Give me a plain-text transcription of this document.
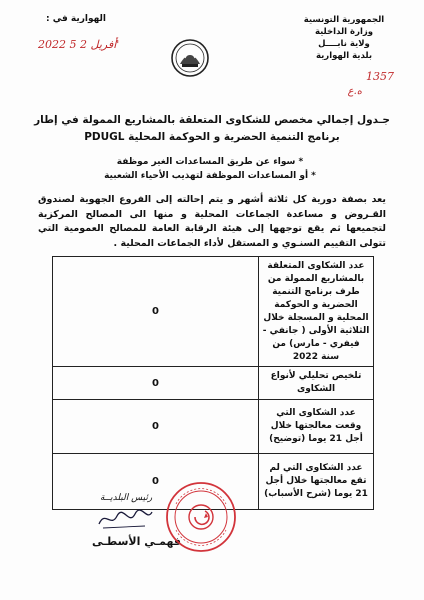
الجمهورية التونسية
وزارة الداخلية
ولاية نابــــل
بلدية الهوارية
الهوارية في :
2022 أفريل 2 5'
1357
ه.ع
جـدول إجمالي مخصص للشكاوى المتعلقة بالمشاريع الممولة في إطار
برنامج التنمية الحضرية و الحوكمة المحلية PDUGL
* سواء عن طريق المساعدات الغير موظفة
* أو المساعدات الموظفة لتهذيب الأحياء الشعبية
يعد بصفة دورية كل ثلاثة أشهر و يتم إحالته إلى الفروع الجهوية لصندوق القـروض و مساعدة الجماعات المحلية و منها الى المصالح المركزية لتجميعها ثم يقع توجهها إلى هيئة الرقابة العامة للمصالح العمومية التي تتولى التقييم السنـوي و المستقل لأداء الجماعات المحلية .
عدد الشكاوى المتعلقة بالمشاريع الممولة من طرف برنامج التنمية الحضرية و الحوكمة المحلية و المسجلة خلال الثلاثية الأولى ( جانفي - فيفري - مارس) من سنة 2022	0
تلخيص تحليلي لأنواع الشكاوى	0
عدد الشكاوى التي وقعت معالجتها خلال أجل 21 يوما (توضيح)	0
عدد الشكاوى التي لم تقع معالجتها خلال أجل 21 يوما (شرح الأسباب)	0
رئيس البلديــة
فهمـي الأسطـى
